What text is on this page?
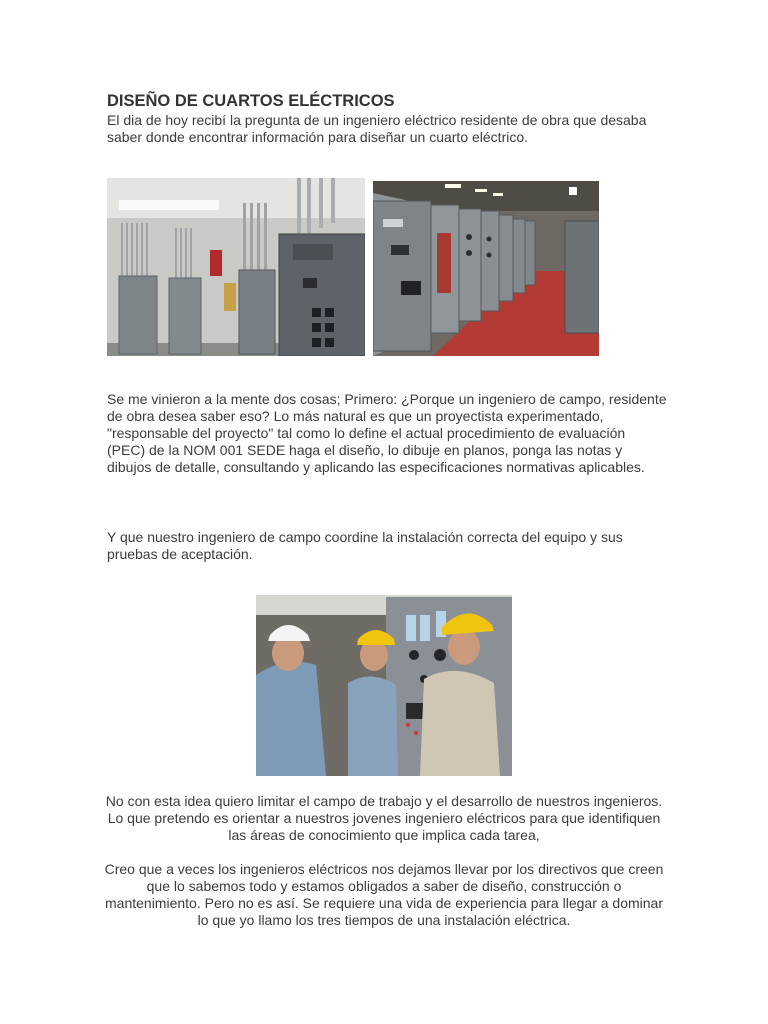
DISEÑO DE CUARTOS ELÉCTRICOS
El dia de hoy recibí la pregunta de un ingeniero eléctrico residente de obra que desaba saber donde encontrar información para diseñar un cuarto eléctrico.
Se me vinieron a la mente dos cosas; Primero: ¿Porque un ingeniero de campo, residente de obra desea saber eso? Lo más natural es que un proyectista experimentado, "responsable del proyecto" tal como lo define el actual procedimiento de evaluación (PEC) de la NOM 001 SEDE haga el diseño, lo dibuje en planos, ponga las notas y dibujos de detalle, consultando y aplicando las especificaciones normativas aplicables.
Y que nuestro ingeniero de campo coordine la instalación correcta del equipo y sus pruebas de aceptación.
No con esta idea quiero limitar el campo de trabajo y el desarrollo de nuestros ingenieros. Lo que pretendo es orientar a nuestros jovenes ingeniero eléctricos para que identifiquen las áreas de conocimiento que implica cada tarea,
Creo que a veces los ingenieros eléctricos nos dejamos llevar por los directivos que creen que lo sabemos todo y estamos obligados a saber de diseño, construcción o mantenimiento. Pero no es así. Se requiere una vida de experiencia para llegar a dominar lo que yo llamo los tres tiempos de una instalación eléctrica.
